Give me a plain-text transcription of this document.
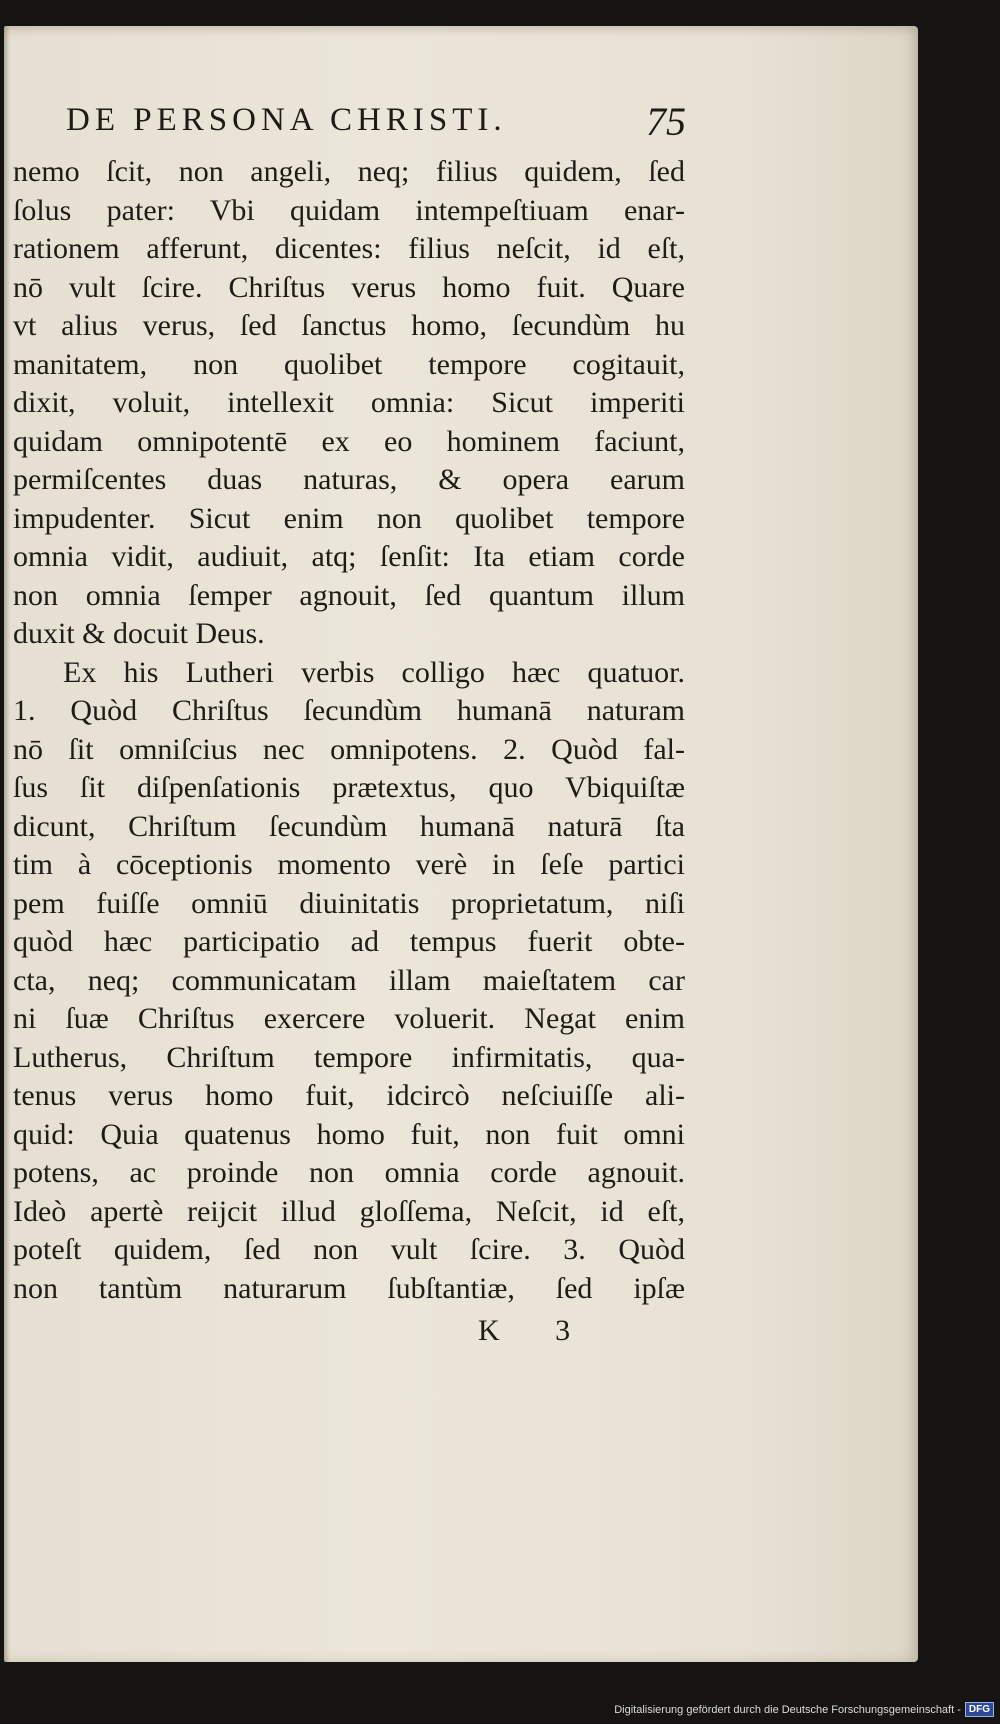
DE PERSONA CHRISTI.	75
nemo ſcit, non angeli, neq; filius quidem, ſed
ſolus pater: Vbi quidam intempeſtiuam enar-
rationem afferunt, dicentes: filius neſcit, id eſt,
nō vult ſcire. Chriſtus verus homo fuit. Quare
vt alius verus, ſed ſanctus homo, ſecundùm hu
manitatem, non quolibet tempore cogitauit,
dixit, voluit, intellexit omnia: Sicut imperiti
quidam omnipotentē ex eo hominem faciunt,
permiſcentes duas naturas, & opera earum
impudenter. Sicut enim non quolibet tempore
omnia vidit, audiuit, atq; ſenſit: Ita etiam corde
non omnia ſemper agnouit, ſed quantum illum
duxit & docuit Deus.
Ex his Lutheri verbis colligo hæc quatuor.
1. Quòd Chriſtus ſecundùm humanā naturam
nō ſit omniſcius nec omnipotens. 2. Quòd fal-
ſus ſit diſpenſationis prætextus, quo Vbiquiſtæ
dicunt, Chriſtum ſecundùm humanā naturā ſta
tim à cōceptionis momento verè in ſeſe partici
pem fuiſſe omniū diuinitatis proprietatum, niſi
quòd hæc participatio ad tempus fuerit obte-
cta, neq; communicatam illam maieſtatem car
ni ſuæ Chriſtus exercere voluerit. Negat enim
Lutherus, Chriſtum tempore infirmitatis, qua-
tenus verus homo fuit, idcircò neſciuiſſe ali-
quid: Quia quatenus homo fuit, non fuit omni
potens, ac proinde non omnia corde agnouit.
Ideò apertè reijcit illud gloſſema, Neſcit, id eſt,
poteſt quidem, ſed non vult ſcire. 3. Quòd
non tantùm naturarum ſubſtantiæ, ſed ipſæ
K 3
Digitalisierung gefördert durch die Deutsche Forschungsgemeinschaft - DFG
